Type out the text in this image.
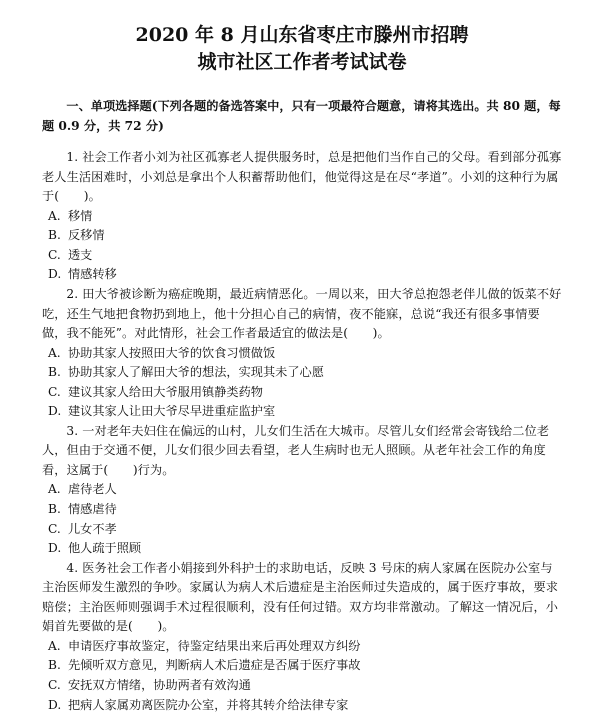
2020 年 8 月山东省枣庄市滕州市招聘

城市社区工作者考试试卷

一、单项选择题(下列各题的备选答案中，只有一项最符合题意，请将其选出。共 80 题，每题 0.9 分，共 72 分)

1. 社会工作者小刘为社区孤寡老人提供服务时，总是把他们当作自己的父母。看到部分孤寡老人生活困难时，小刘总是拿出个人积蓄帮助他们，他觉得这是在尽“孝道”。小刘的这种行为属于(　　)。

A. 移情

B. 反移情

C. 透支

D. 情感转移

2. 田大爷被诊断为癌症晚期，最近病情恶化。一周以来，田大爷总抱怨老伴儿做的饭菜不好吃，还生气地把食物扔到地上，他十分担心自己的病情，夜不能寐，总说“我还有很多事情要做，我不能死”。对此情形，社会工作者最适宜的做法是(　　)。

A. 协助其家人按照田大爷的饮食习惯做饭

B. 协助其家人了解田大爷的想法，实现其未了心愿

C. 建议其家人给田大爷服用镇静类药物

D. 建议其家人让田大爷尽早进重症监护室

3. 一对老年夫妇住在偏远的山村，儿女们生活在大城市。尽管儿女们经常会寄钱给二位老人，但由于交通不便，儿女们很少回去看望，老人生病时也无人照顾。从老年社会工作的角度看，这属于(　　)行为。

A. 虐待老人

B. 情感虐待

C. 儿女不孝

D. 他人疏于照顾

4. 医务社会工作者小娟接到外科护士的求助电话，反映 3 号床的病人家属在医院办公室与主治医师发生激烈的争吵。家属认为病人术后遗症是主治医师过失造成的，属于医疗事故，要求赔偿；主治医师则强调手术过程很顺利，没有任何过错。双方均非常激动。了解这一情况后，小娟首先要做的是(　　)。

A. 申请医疗事故鉴定，待鉴定结果出来后再处理双方纠纷

B. 先倾听双方意见，判断病人术后遗症是否属于医疗事故

C. 安抚双方情绪，协助两者有效沟通

D. 把病人家属劝离医院办公室，并将其转介给法律专家
